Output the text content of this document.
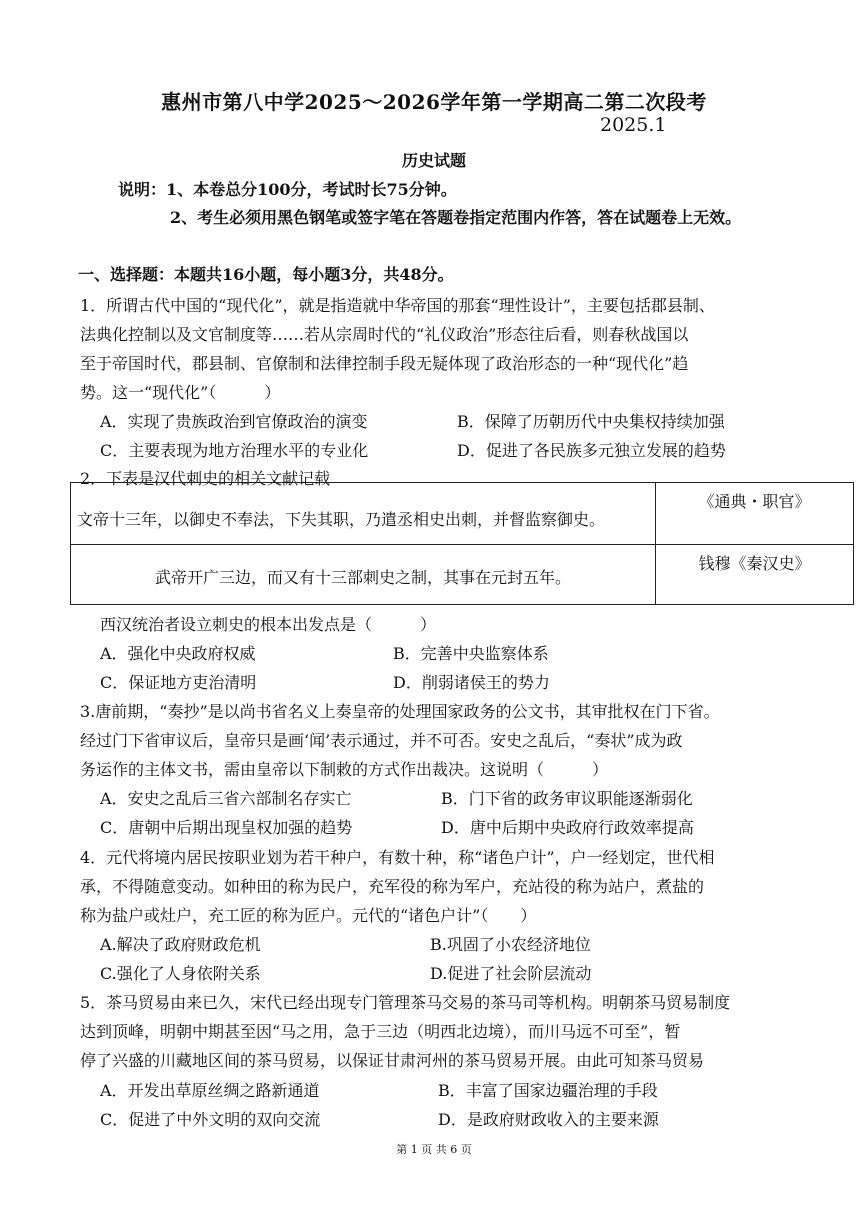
惠州市第八中学2025～2026学年第一学期高二第二次段考
2025.1
历史试题
说明：1、本卷总分100分，考试时长75分钟。
2、考生必须用黑色钢笔或签字笔在答题卷指定范围内作答，答在试题卷上无效。
一、选择题：本题共16小题，每小题3分，共48分。
1．所谓古代中国的“现代化”，就是指造就中华帝国的那套“理性设计”，主要包括郡县制、
法典化控制以及文官制度等……若从宗周时代的“礼仪政治”形态往后看，则春秋战国以
至于帝国时代，郡县制、官僚制和法律控制手段无疑体现了政治形态的一种“现代化”趋
势。这一“现代化”（　　　）
A．实现了贵族政治到官僚政治的演变	B．保障了历朝历代中央集权持续加强
C．主要表现为地方治理水平的专业化	D．促进了各民族多元独立发展的趋势
2．下表是汉代刺史的相关文献记载
文帝十三年，以御史不奉法，下失其职，乃遣丞相史出刺，并督监察御史。	《通典・职官》
武帝开广三边，而又有十三部刺史之制，其事在元封五年。	钱穆《秦汉史》
西汉统治者设立刺史的根本出发点是（　　　）
A．强化中央政府权威	B．完善中央监察体系
C．保证地方吏治清明	D．削弱诸侯王的势力
3.唐前期，“奏抄”是以尚书省名义上奏皇帝的处理国家政务的公文书，其审批权在门下省。
经过门下省审议后，皇帝只是画‘闻’表示通过，并不可否。安史之乱后，“奏状”成为政
务运作的主体文书，需由皇帝以下制敕的方式作出裁决。这说明（　　　）
A．安史之乱后三省六部制名存实亡	B．门下省的政务审议职能逐渐弱化
C．唐朝中后期出现皇权加强的趋势	D．唐中后期中央政府行政效率提高
4．元代将境内居民按职业划为若干种户，有数十种，称“诸色户计”，户一经划定，世代相
承，不得随意变动。如种田的称为民户，充军役的称为军户，充站役的称为站户，煮盐的
称为盐户或灶户，充工匠的称为匠户。元代的“诸色户计”（　　）
A.解决了政府财政危机	B.巩固了小农经济地位
C.强化了人身依附关系	D.促进了社会阶层流动
5．茶马贸易由来已久，宋代已经出现专门管理茶马交易的茶马司等机构。明朝茶马贸易制度
达到顶峰，明朝中期甚至因“马之用，急于三边（明西北边境），而川马远不可至”，暂
停了兴盛的川藏地区间的茶马贸易，以保证甘肃河州的茶马贸易开展。由此可知茶马贸易
A．开发出草原丝绸之路新通道	B．丰富了国家边疆治理的手段
C．促进了中外文明的双向交流	D．是政府财政收入的主要来源
第 1 页 共 6 页
